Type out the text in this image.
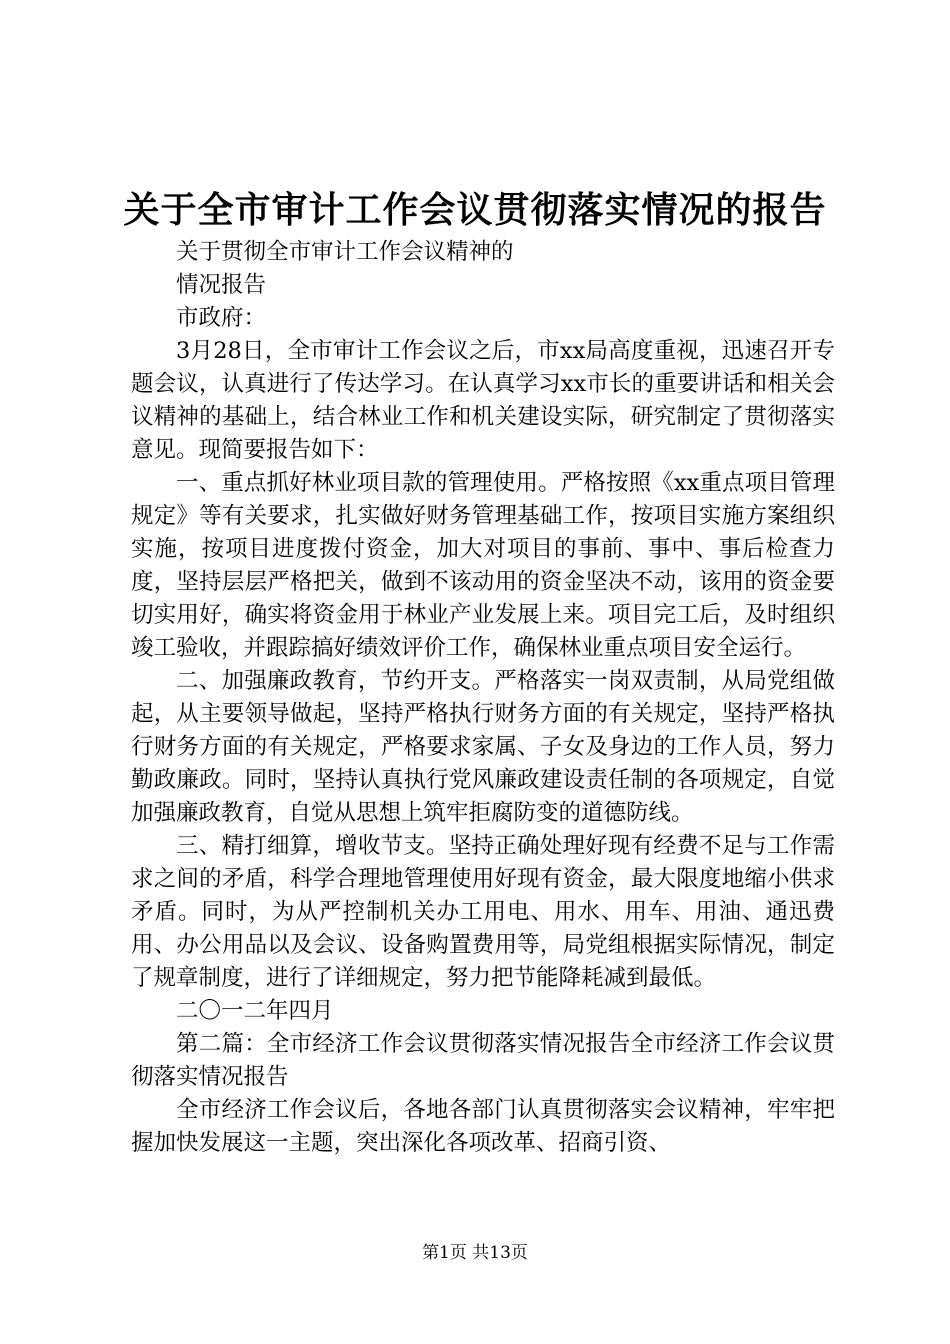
关于全市审计工作会议贯彻落实情况的报告

关于贯彻全市审计工作会议精神的

情况报告

市政府：

3月28日，全市审计工作会议之后，市xx局高度重视，迅速召开专题会议，认真进行了传达学习。在认真学习xx市长的重要讲话和相关会议精神的基础上，结合林业工作和机关建设实际，研究制定了贯彻落实意见。现简要报告如下：

一、重点抓好林业项目款的管理使用。严格按照《xx重点项目管理规定》等有关要求，扎实做好财务管理基础工作，按项目实施方案组织实施，按项目进度拨付资金，加大对项目的事前、事中、事后检查力度，坚持层层严格把关，做到不该动用的资金坚决不动，该用的资金要切实用好，确实将资金用于林业产业发展上来。项目完工后，及时组织竣工验收，并跟踪搞好绩效评价工作，确保林业重点项目安全运行。

二、加强廉政教育，节约开支。严格落实一岗双责制，从局党组做起，从主要领导做起，坚持严格执行财务方面的有关规定，坚持严格执行财务方面的有关规定，严格要求家属、子女及身边的工作人员，努力勤政廉政。同时，坚持认真执行党风廉政建设责任制的各项规定，自觉加强廉政教育，自觉从思想上筑牢拒腐防变的道德防线。

三、精打细算，增收节支。坚持正确处理好现有经费不足与工作需求之间的矛盾，科学合理地管理使用好现有资金，最大限度地缩小供求矛盾。同时，为从严控制机关办工用电、用水、用车、用油、通迅费用、办公用品以及会议、设备购置费用等，局党组根据实际情况，制定了规章制度，进行了详细规定，努力把节能降耗减到最低。

二〇一二年四月

第二篇：全市经济工作会议贯彻落实情况报告全市经济工作会议贯彻落实情况报告

全市经济工作会议后，各地各部门认真贯彻落实会议精神，牢牢把握加快发展这一主题，突出深化各项改革、招商引资、

第1页 共13页
